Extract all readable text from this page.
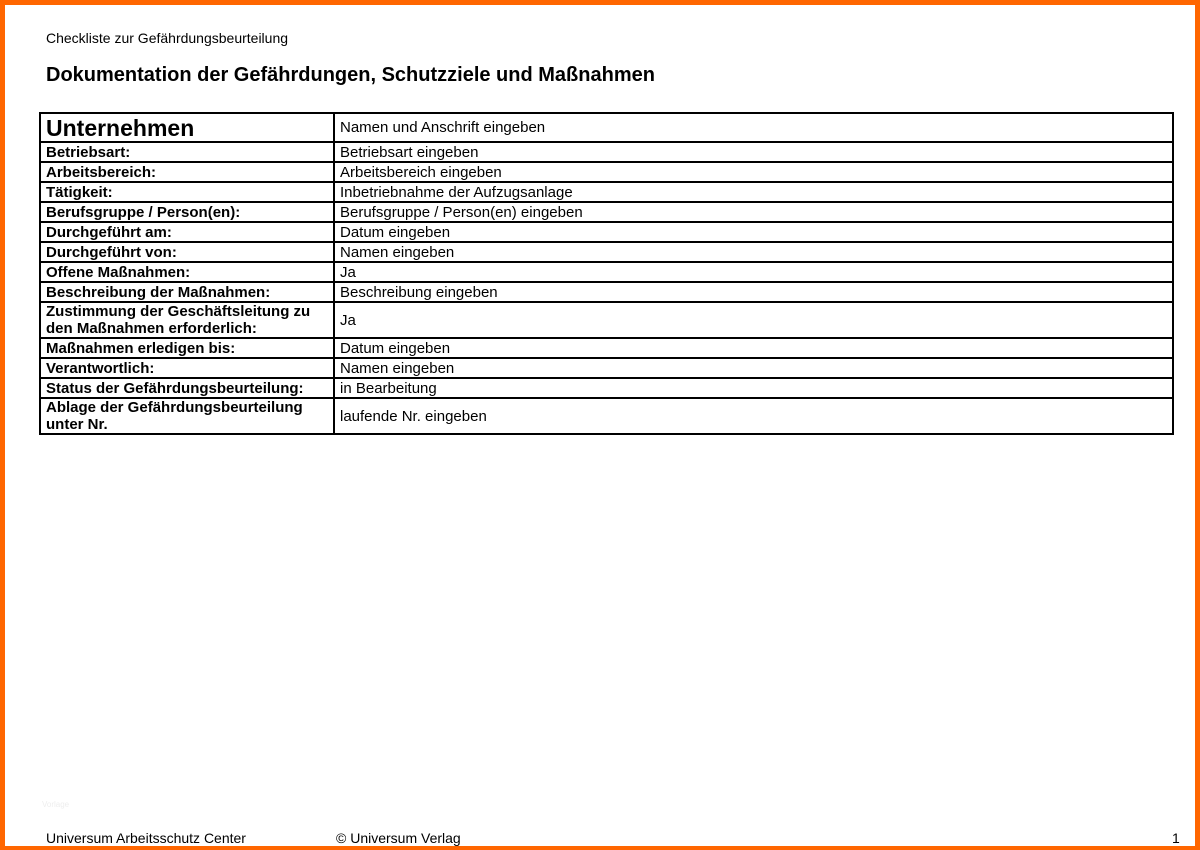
Checkliste zur Gefährdungsbeurteilung
Dokumentation der Gefährdungen, Schutzziele und Maßnahmen
Unternehmen	Namen und Anschrift eingeben
Betriebsart:	Betriebsart eingeben
Arbeitsbereich:	Arbeitsbereich eingeben
Tätigkeit:	Inbetriebnahme der Aufzugsanlage
Berufsgruppe / Person(en):	Berufsgruppe / Person(en) eingeben
Durchgeführt am:	Datum eingeben
Durchgeführt von:	Namen eingeben
Offene Maßnahmen:	Ja
Beschreibung der Maßnahmen:	Beschreibung eingeben
Zustimmung der Geschäftsleitung zu den Maßnahmen erforderlich:	Ja
Maßnahmen erledigen bis:	Datum eingeben
Verantwortlich:	Namen eingeben
Status der Gefährdungsbeurteilung:	in Bearbeitung
Ablage der Gefährdungsbeurteilung unter Nr.	laufende Nr. eingeben
Vorlage
Universum Arbeitsschutz Center	© Universum Verlag	1
